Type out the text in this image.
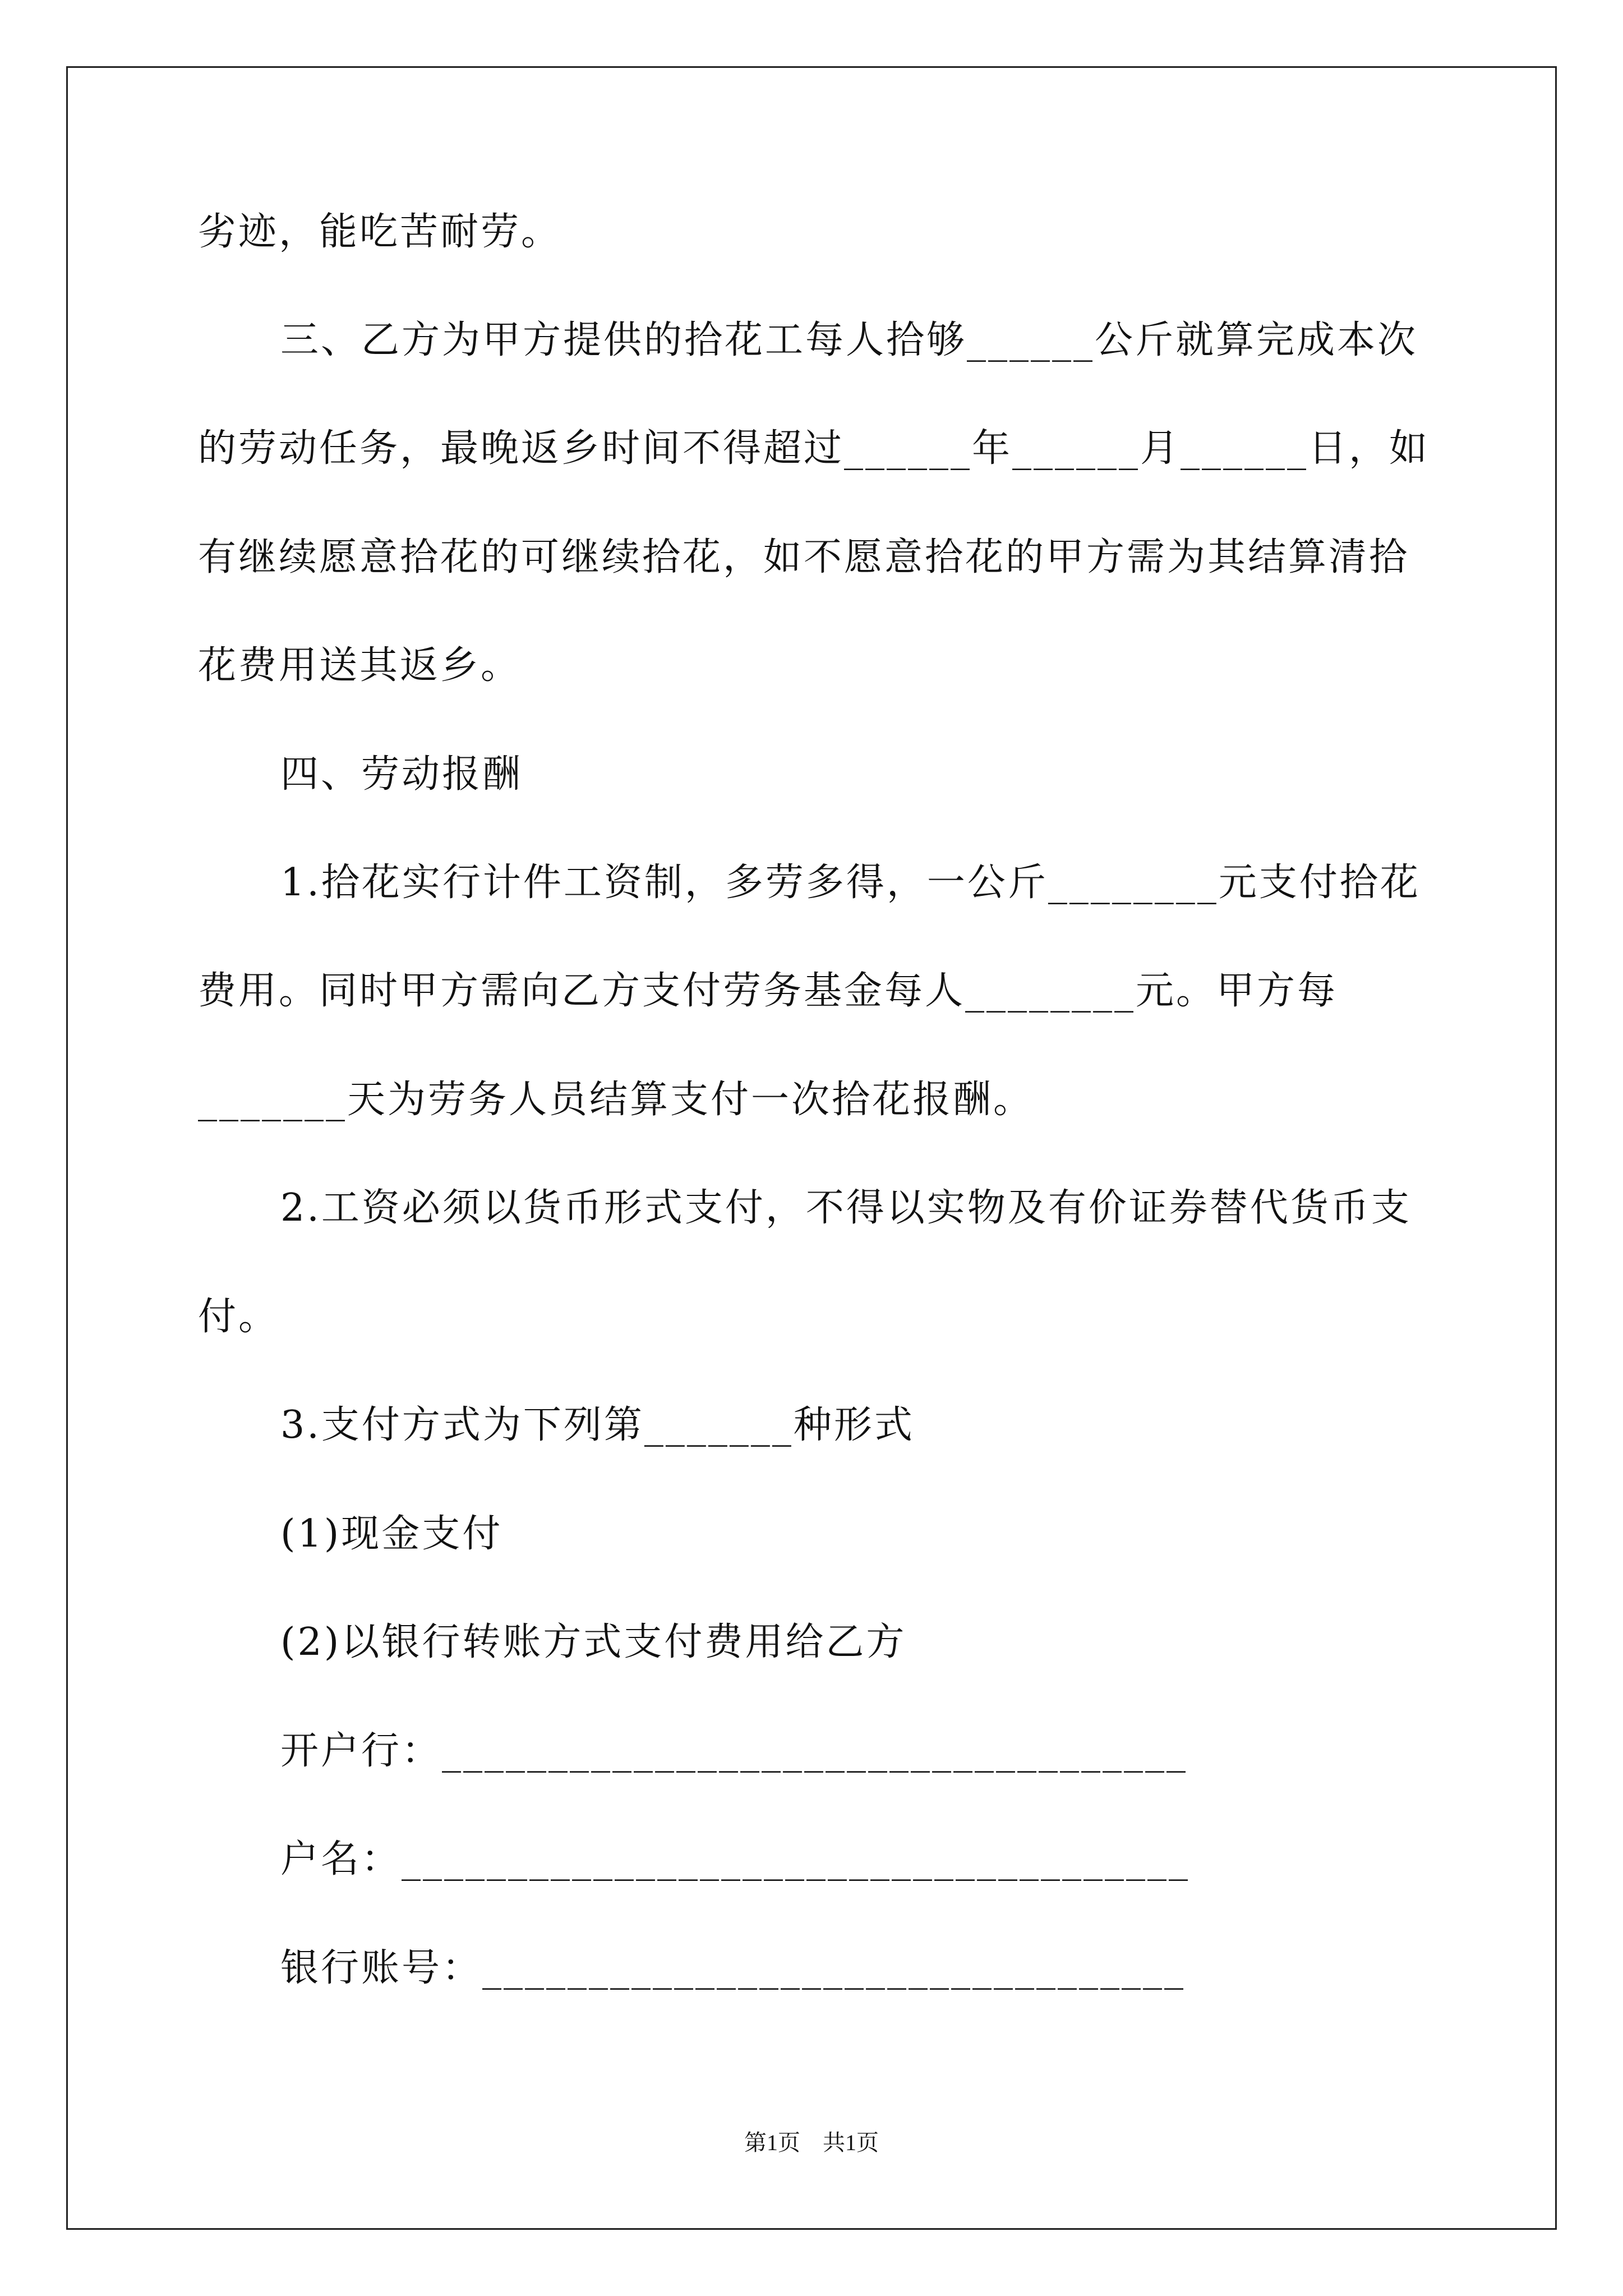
劣迹，能吃苦耐劳。
三、乙方为甲方提供的拾花工每人拾够______公斤就算完成本次
的劳动任务，最晚返乡时间不得超过______年______月______日，如
有继续愿意拾花的可继续拾花，如不愿意拾花的甲方需为其结算清拾
花费用送其返乡。
四、劳动报酬
1.拾花实行计件工资制，多劳多得，一公斤________元支付拾花
费用。同时甲方需向乙方支付劳务基金每人________元。甲方每
_______天为劳务人员结算支付一次拾花报酬。
2.工资必须以货币形式支付，不得以实物及有价证券替代货币支
付。
3.支付方式为下列第_______种形式
(1)现金支付
(2)以银行转账方式支付费用给乙方
开户行：___________________________________
户名：_____________________________________
银行账号：_________________________________
第1页　共1页
